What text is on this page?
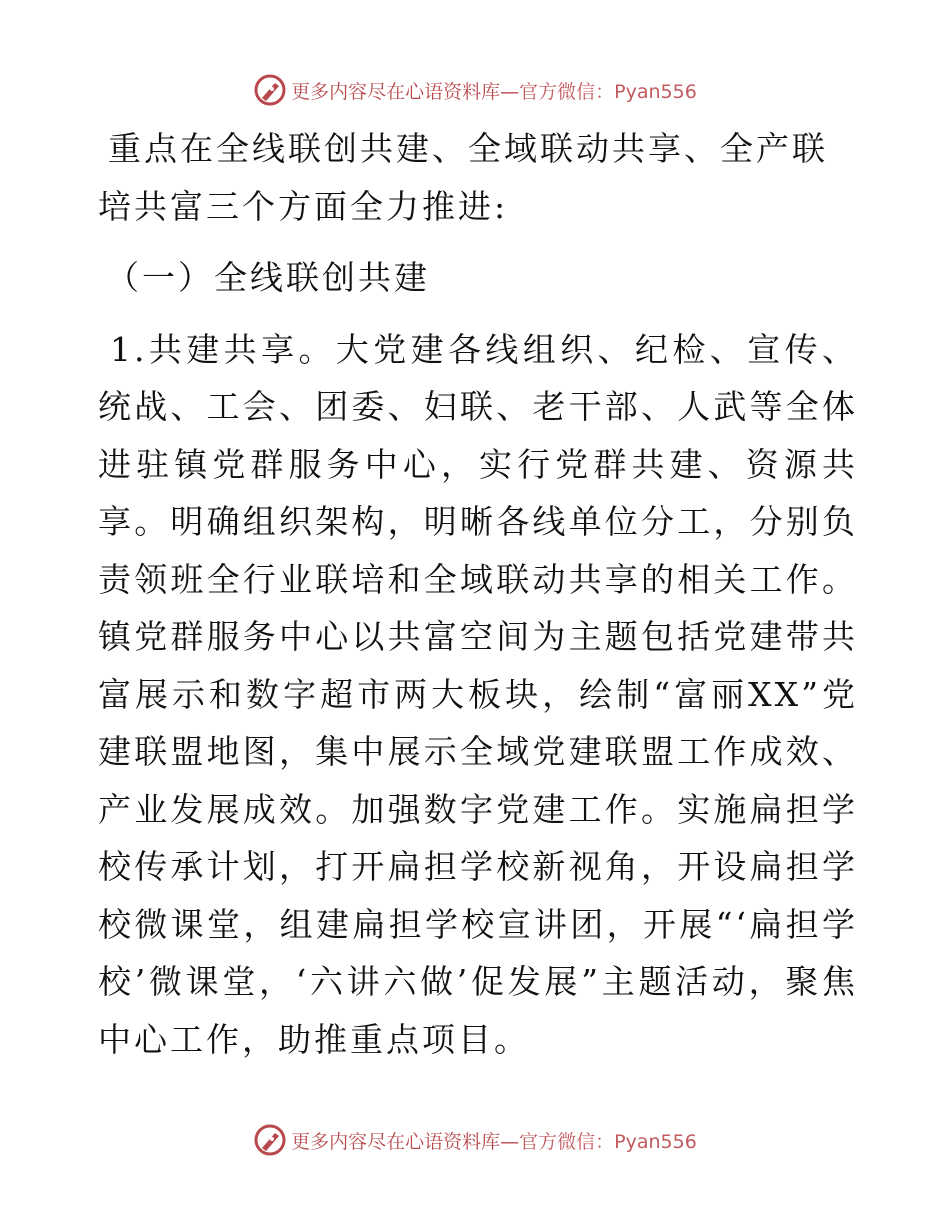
更多内容尽在心语资料库—官方微信：Pyan556

重点在全线联创共建、全域联动共享、全产联培共富三个方面全力推进:

（一）全线联创共建

1.共建共享。大党建各线组织、纪检、宣传、统战、工会、团委、妇联、老干部、人武等全体进驻镇党群服务中心，实行党群共建、资源共享。明确组织架构，明晰各线单位分工，分别负责领班全行业联培和全域联动共享的相关工作。镇党群服务中心以共富空间为主题包括党建带共富展示和数字超市两大板块，绘制“富丽XX”党建联盟地图，集中展示全域党建联盟工作成效、产业发展成效。加强数字党建工作。实施扁担学校传承计划，打开扁担学校新视角，开设扁担学校微课堂，组建扁担学校宣讲团，开展“‘扁担学校’微课堂，‘六讲六做’促发展”主题活动，聚焦中心工作，助推重点项目。

更多内容尽在心语资料库—官方微信：Pyan556
